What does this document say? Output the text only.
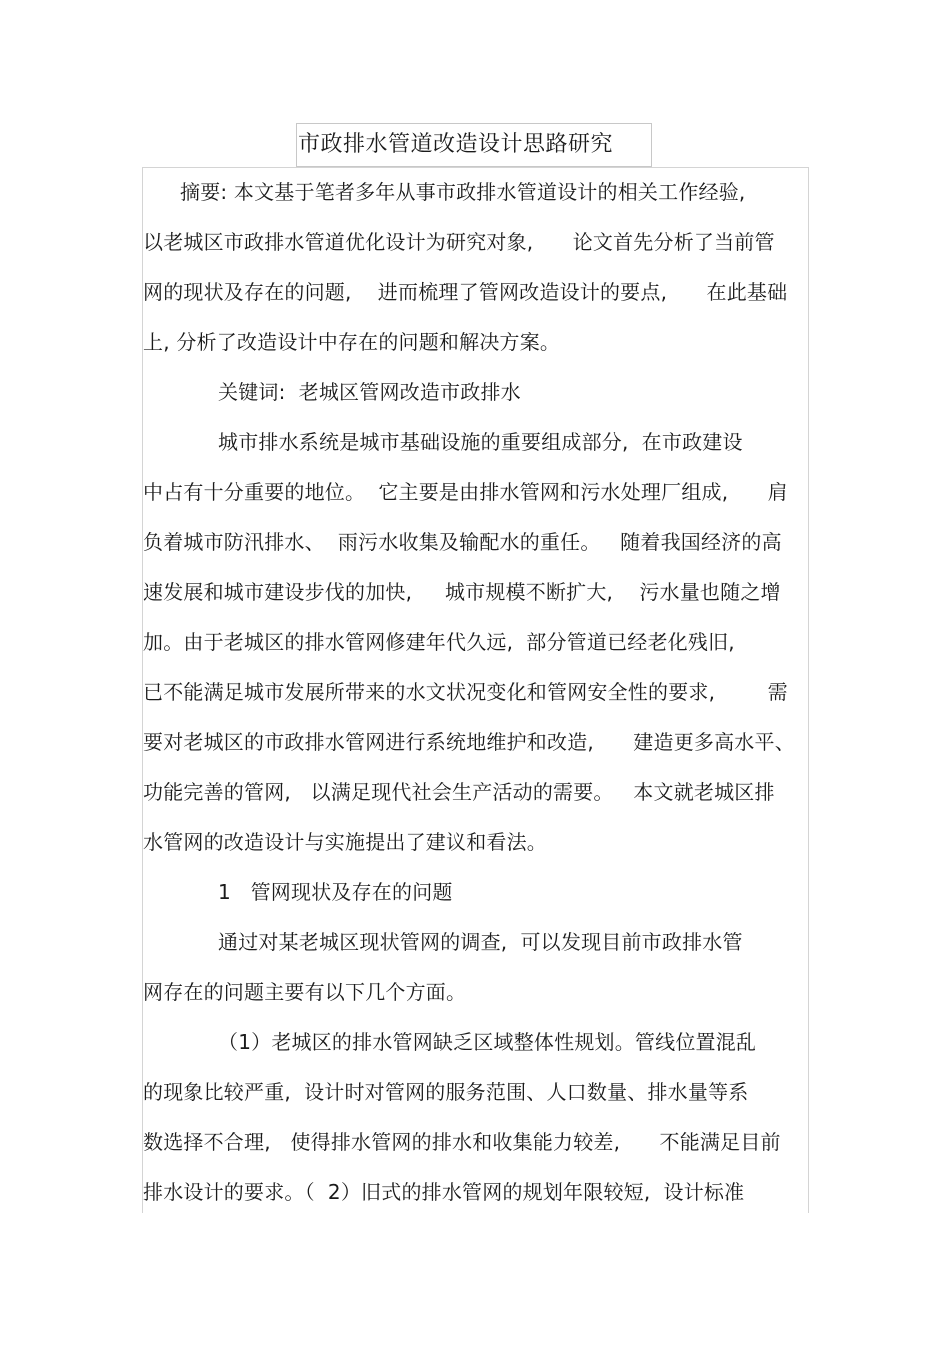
市政排水管道改造设计思路研究
摘要: 本文基于笔者多年从事市政排水管道设计的相关工作经验,
以老城区市政排水管道优化设计为研究对象,      论文首先分析了当前管
网的现状及存在的问题,    进而梳理了管网改造设计的要点,      在此基础
上, 分析了改造设计中存在的问题和解决方案。
关键词:  老城区管网改造市政排水
城市排水系统是城市基础设施的重要组成部分,  在市政建设
中占有十分重要的地位。  它主要是由排水管网和污水处理厂组成,      肩
负着城市防汛排水、  雨污水收集及输配水的重任。   随着我国经济的高
速发展和城市建设步伐的加快,     城市规模不断扩大,    污水量也随之增
加。由于老城区的排水管网修建年代久远,  部分管道已经老化残旧,
已不能满足城市发展所带来的水文状况变化和管网安全性的要求,        需
要对老城区的市政排水管网进行系统地维护和改造,      建造更多高水平、
功能完善的管网,   以满足现代社会生产活动的需要。   本文就老城区排
水管网的改造设计与实施提出了建议和看法。
1   管网现状及存在的问题
通过对某老城区现状管网的调查,  可以发现目前市政排水管
网存在的问题主要有以下几个方面。
（1）老城区的排水管网缺乏区域整体性规划。管线位置混乱
的现象比较严重,  设计时对管网的服务范围、人口数量、排水量等系
数选择不合理,   使得排水管网的排水和收集能力较差,      不能满足目前
排水设计的要求。（  2）旧式的排水管网的规划年限较短,  设计标准
